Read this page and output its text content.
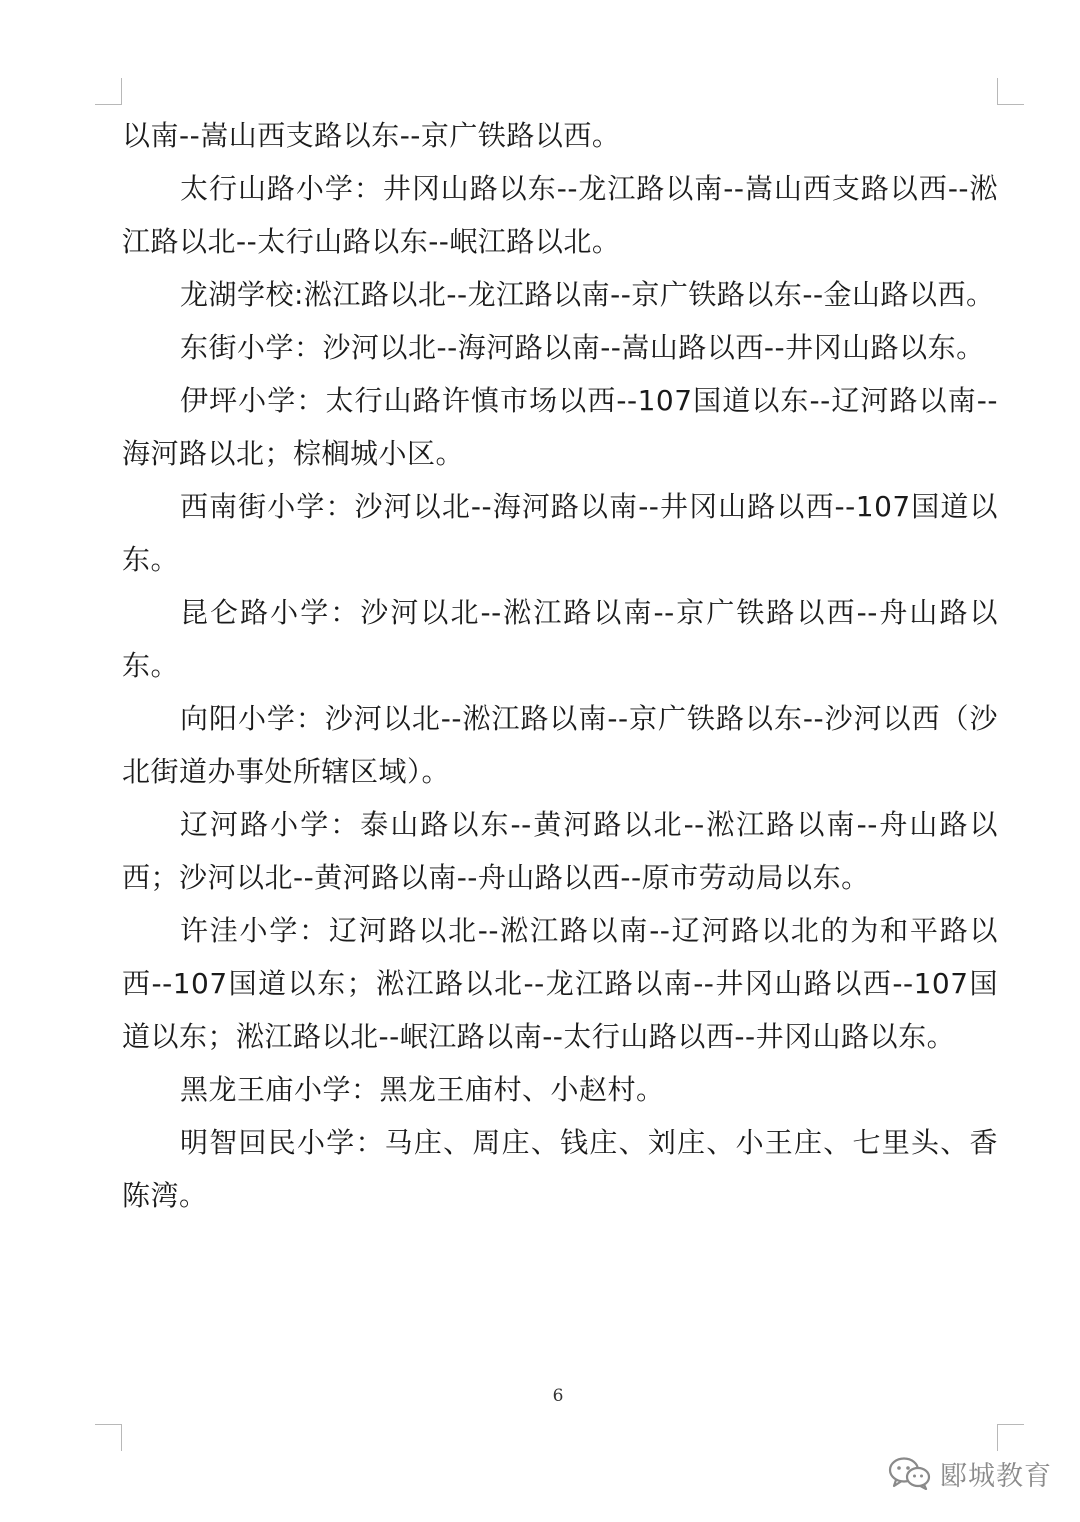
以南--嵩山西支路以东--京广铁路以西。

太行山路小学：井冈山路以东--龙江路以南--嵩山西支路以西--淞江路以北--太行山路以东--岷江路以北。

龙湖学校:淞江路以北--龙江路以南--京广铁路以东--金山路以西。

东街小学：沙河以北--海河路以南--嵩山路以西--井冈山路以东。

伊坪小学：太行山路许慎市场以西--107国道以东--辽河路以南--海河路以北；棕榈城小区。

西南街小学：沙河以北--海河路以南--井冈山路以西--107国道以东。

昆仑路小学：沙河以北--淞江路以南--京广铁路以西--舟山路以东。

向阳小学：沙河以北--淞江路以南--京广铁路以东--沙河以西（沙北街道办事处所辖区域）。

辽河路小学：泰山路以东--黄河路以北--淞江路以南--舟山路以西；沙河以北--黄河路以南--舟山路以西--原市劳动局以东。

许洼小学：辽河路以北--淞江路以南--辽河路以北的为和平路以西--107国道以东；淞江路以北--龙江路以南--井冈山路以西--107国道以东；淞江路以北--岷江路以南--太行山路以西--井冈山路以东。

黑龙王庙小学：黑龙王庙村、小赵村。

明智回民小学：马庄、周庄、钱庄、刘庄、小王庄、七里头、香陈湾。

6
郾城教育
